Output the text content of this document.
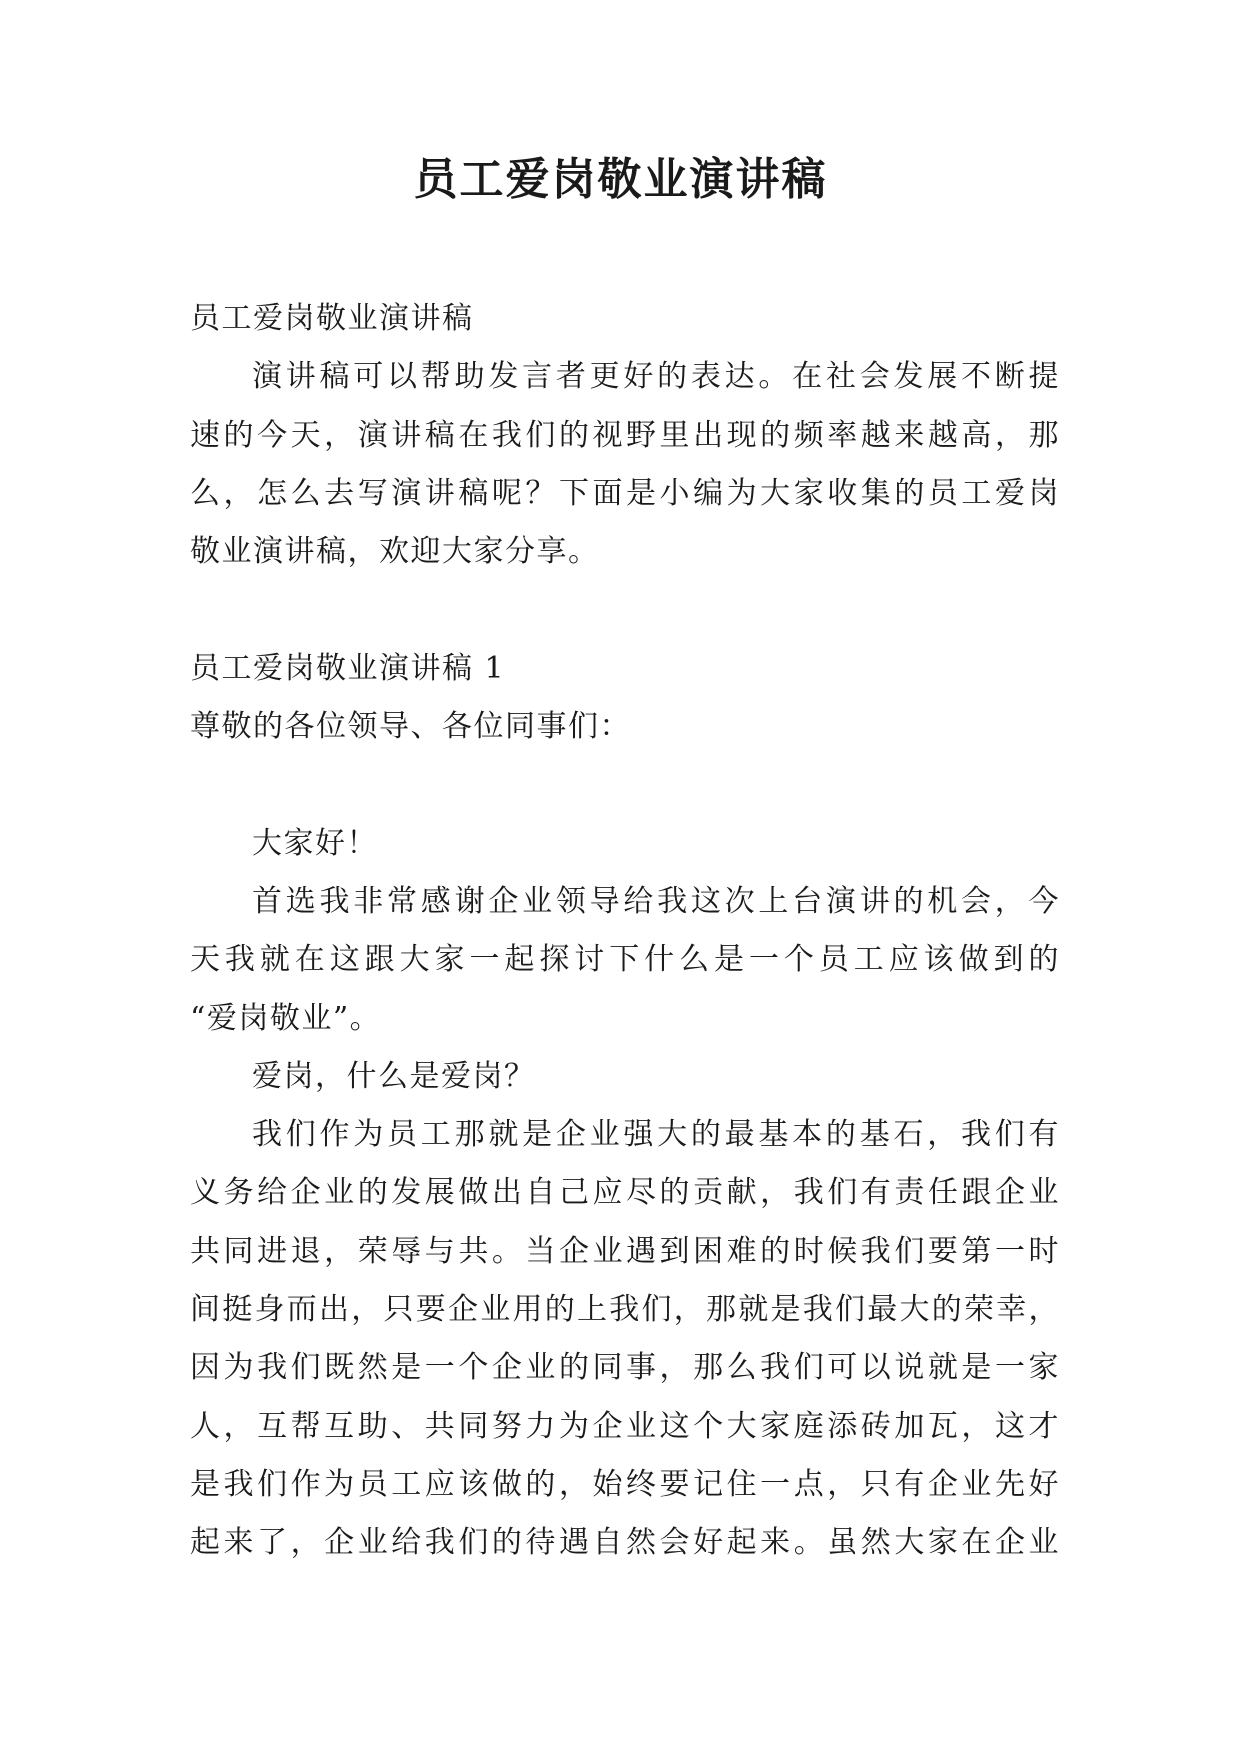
员工爱岗敬业演讲稿

员工爱岗敬业演讲稿

演讲稿可以帮助发言者更好的表达。在社会发展不断提

速的今天，演讲稿在我们的视野里出现的频率越来越高，那

么，怎么去写演讲稿呢？下面是小编为大家收集的员工爱岗

敬业演讲稿，欢迎大家分享。

员工爱岗敬业演讲稿 1

尊敬的各位领导、各位同事们：

大家好！

首选我非常感谢企业领导给我这次上台演讲的机会，今

天我就在这跟大家一起探讨下什么是一个员工应该做到的

“爱岗敬业”。

爱岗，什么是爱岗？

我们作为员工那就是企业强大的最基本的基石，我们有

义务给企业的发展做出自己应尽的贡献，我们有责任跟企业

共同进退，荣辱与共。当企业遇到困难的时候我们要第一时

间挺身而出，只要企业用的上我们，那就是我们最大的荣幸，

因为我们既然是一个企业的同事，那么我们可以说就是一家

人，互帮互助、共同努力为企业这个大家庭添砖加瓦，这才

是我们作为员工应该做的，始终要记住一点，只有企业先好

起来了，企业给我们的待遇自然会好起来。虽然大家在企业
